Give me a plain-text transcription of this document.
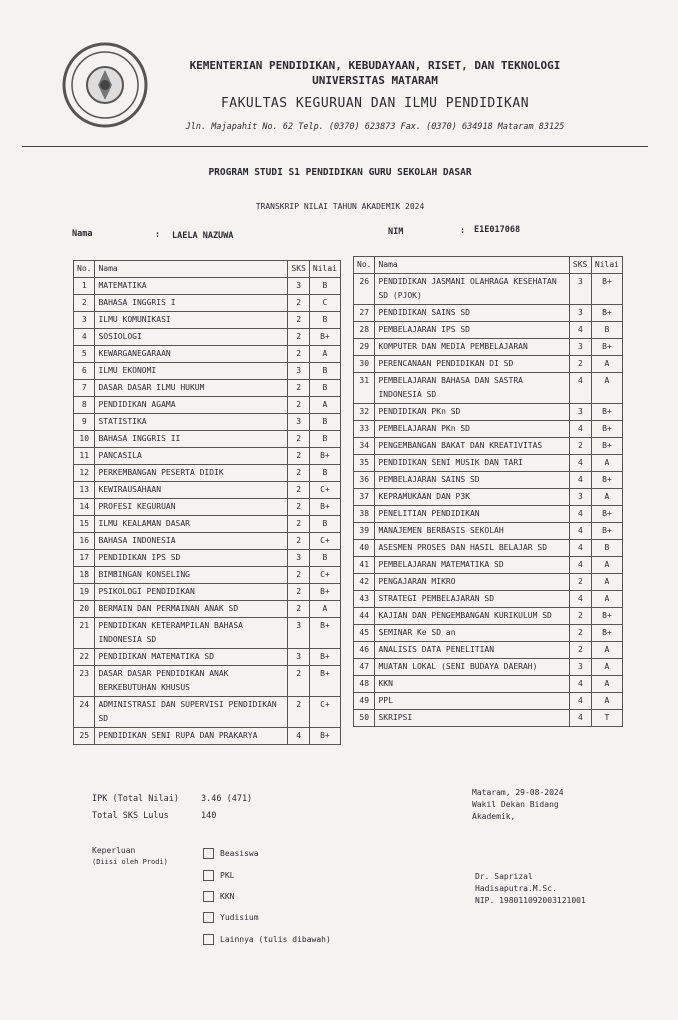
KEMENTERIAN PENDIDIKAN, KEBUDAYAAN, RISET, DAN TEKNOLOGI
UNIVERSITAS MATARAM
FAKULTAS KEGURUAN DAN ILMU PENDIDIKAN
Jln. Majapahit No. 62 Telp. (0370) 623873 Fax. (0370) 634918 Mataram 83125
PROGRAM STUDI S1 PENDIDIKAN GURU SEKOLAH DASAR
TRANSKRIP NILAI TAHUN AKADEMIK 2024
Nama	: LAELA NAZUWA	NIM	: E1E017068
No.	Nama	SKS	Nilai
1	MATEMATIKA	3	B
2	BAHASA INGGRIS I	2	C
3	ILMU KOMUNIKASI	2	B
4	SOSIOLOGI	2	B+
5	KEWARGANEGARAAN	2	A
6	ILMU EKONOMI	3	B
7	DASAR DASAR ILMU HUKUM	2	B
8	PENDIDIKAN AGAMA	2	A
9	STATISTIKA	3	B
10	BAHASA INGGRIS II	2	B
11	PANCASILA	2	B+
12	PERKEMBANGAN PESERTA DIDIK	2	B
13	KEWIRAUSAHAAN	2	C+
14	PROFESI KEGURUAN	2	B+
15	ILMU KEALAMAN DASAR	2	B
16	BAHASA INDONESIA	2	C+
17	PENDIDIKAN IPS SD	3	B
18	BIMBINGAN KONSELING	2	C+
19	PSIKOLOGI PENDIDIKAN	2	B+
20	BERMAIN DAN PERMAINAN ANAK SD	2	A
21	PENDIDIKAN KETERAMPILAN BAHASA INDONESIA SD	3	B+
22	PENDIDIKAN MATEMATIKA SD	3	B+
23	DASAR DASAR PENDIDIKAN ANAK BERKEBUTUHAN KHUSUS	2	B+
24	ADMINISTRASI DAN SUPERVISI PENDIDIKAN SD	2	C+
25	PENDIDIKAN SENI RUPA DAN PRAKARYA	4	B+
No.	Nama	SKS	Nilai
26	PENDIDIKAN JASMANI OLAHRAGA KESEHATAN SD (PJOK)	3	B+
27	PENDIDIKAN SAINS SD	3	B+
28	PEMBELAJARAN IPS SD	4	B
29	KOMPUTER DAN MEDIA PEMBELAJARAN	3	B+
30	PERENCANAAN PENDIDIKAN DI SD	2	A
31	PEMBELAJARAN BAHASA DAN SASTRA INDONESIA SD	4	A
32	PENDIDIKAN PKn SD	3	B+
33	PEMBELAJARAN PKn SD	4	B+
34	PENGEMBANGAN BAKAT DAN KREATIVITAS	2	B+
35	PENDIDIKAN SENI MUSIK DAN TARI	4	A
36	PEMBELAJARAN SAINS SD	4	B+
37	KEPRAMUKAAN DAN P3K	3	A
38	PENELITIAN PENDIDIKAN	4	B+
39	MANAJEMEN BERBASIS SEKOLAH	4	B+
40	ASESMEN PROSES DAN HASIL BELAJAR SD	4	B
41	PEMBELAJARAN MATEMATIKA SD	4	A
42	PENGAJARAN MIKRO	2	A
43	STRATEGI PEMBELAJARAN SD	4	A
44	KAJIAN DAN PENGEMBANGAN KURIKULUM SD	2	B+
45	SEMINAR Ke SD an	2	B+
46	ANALISIS DATA PENELITIAN	2	A
47	MUATAN LOKAL (SENI BUDAYA DAERAH)	3	A
48	KKN	4	A
49	PPL	4	A
50	SKRIPSI	4	T
IPK (Total Nilai)	3.46 (471)
Total SKS Lulus	140
Keperluan
(Diisi oleh Prodi)
Beasiswa
PKL
KKN
Yudisium
Lainnya (tulis dibawah)
Mataram, 29-08-2024
Wakil Dekan Bidang
Akademik,
Dr. Saprizal
Hadisaputra.M.Sc.
NIP. 198011092003121001
